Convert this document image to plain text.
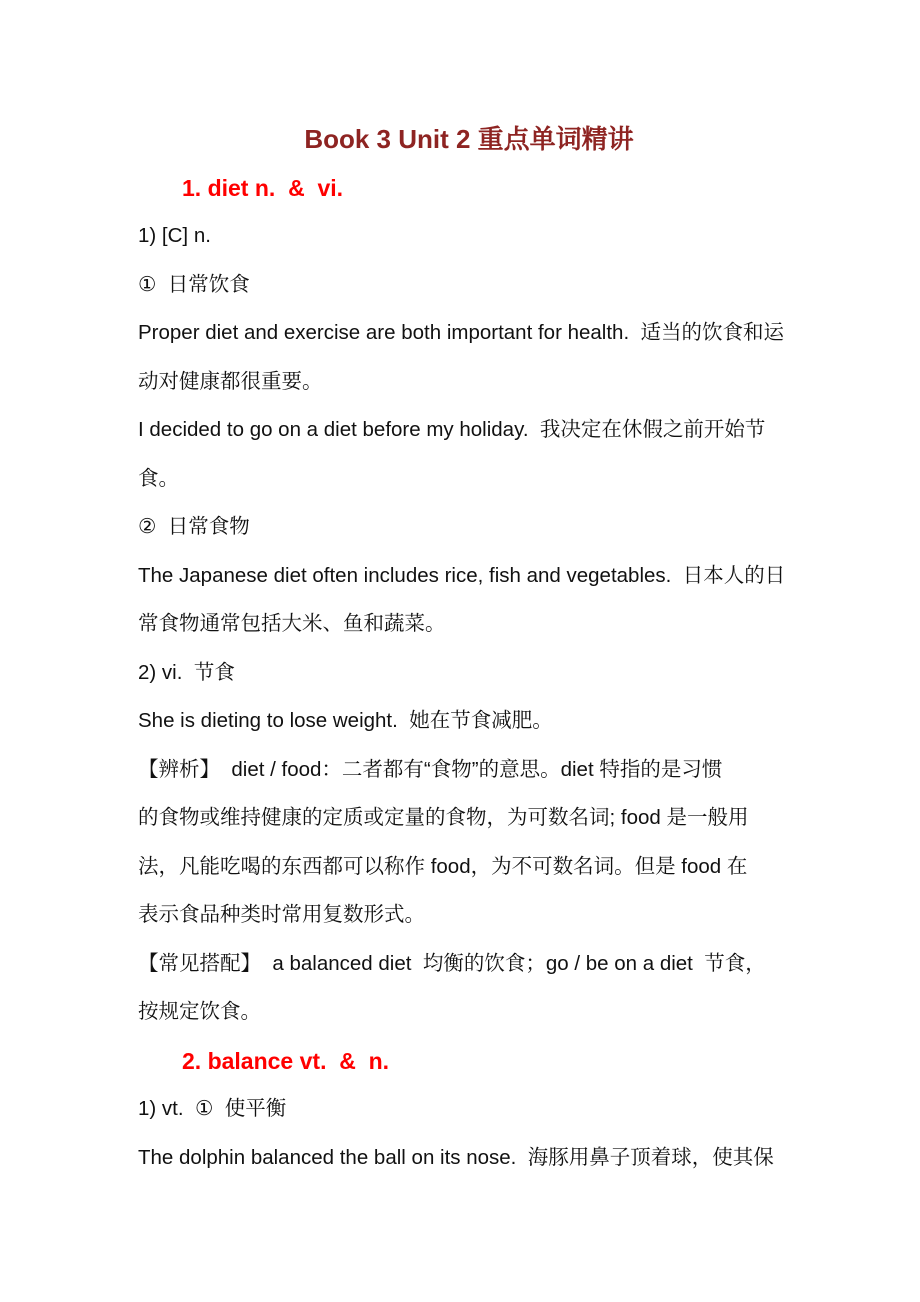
Book 3 Unit 2 重点单词精讲
1. diet n.  &  vi.

1) [C] n.

①  日常饮食

Proper diet and exercise are both important for health.  适当的饮食和运

动对健康都很重要。

I decided to go on a diet before my holiday.  我决定在休假之前开始节

食。

②  日常食物

The Japanese diet often includes rice, fish and vegetables.  日本人的日

常食物通常包括大米、鱼和蔬菜。

2) vi.  节食

She is dieting to lose weight.  她在节食减肥。

【辨析】  diet / food：二者都有“食物”的意思。diet 特指的是习惯

的食物或维持健康的定质或定量的食物，为可数名词; food 是一般用

法，凡能吃喝的东西都可以称作 food，为不可数名词。但是 food 在

表示食品种类时常用复数形式。

【常见搭配】  a balanced diet  均衡的饮食；go / be on a diet  节食，

按规定饮食。

2. balance vt.  &  n.

1) vt.  ①  使平衡

The dolphin balanced the ball on its nose.  海豚用鼻子顶着球，使其保
